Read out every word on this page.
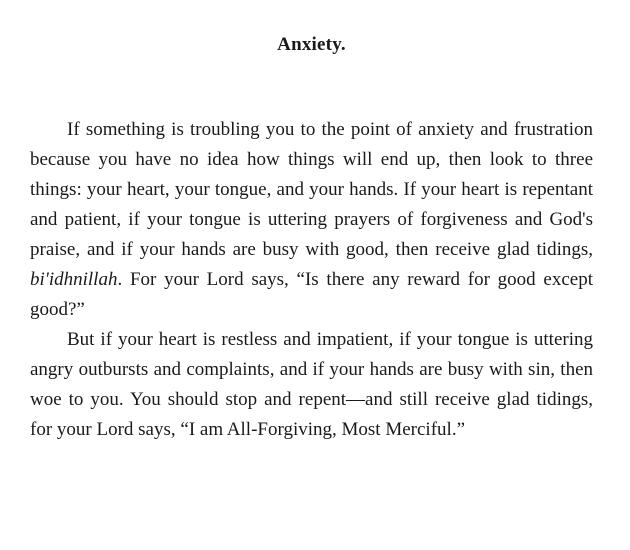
Anxiety.

If something is troubling you to the point of anxiety and frustration because you have no idea how things will end up, then look to three things: your heart, your tongue, and your hands. If your heart is repentant and patient, if your tongue is uttering prayers of forgiveness and God's praise, and if your hands are busy with good, then receive glad tidings, bi'idhnillah. For your Lord says, “Is there any reward for good except good?”

But if your heart is restless and impatient, if your tongue is uttering angry outbursts and complaints, and if your hands are busy with sin, then woe to you. You should stop and repent—and still receive glad tidings, for your Lord says, “I am All-Forgiving, Most Merciful.”
